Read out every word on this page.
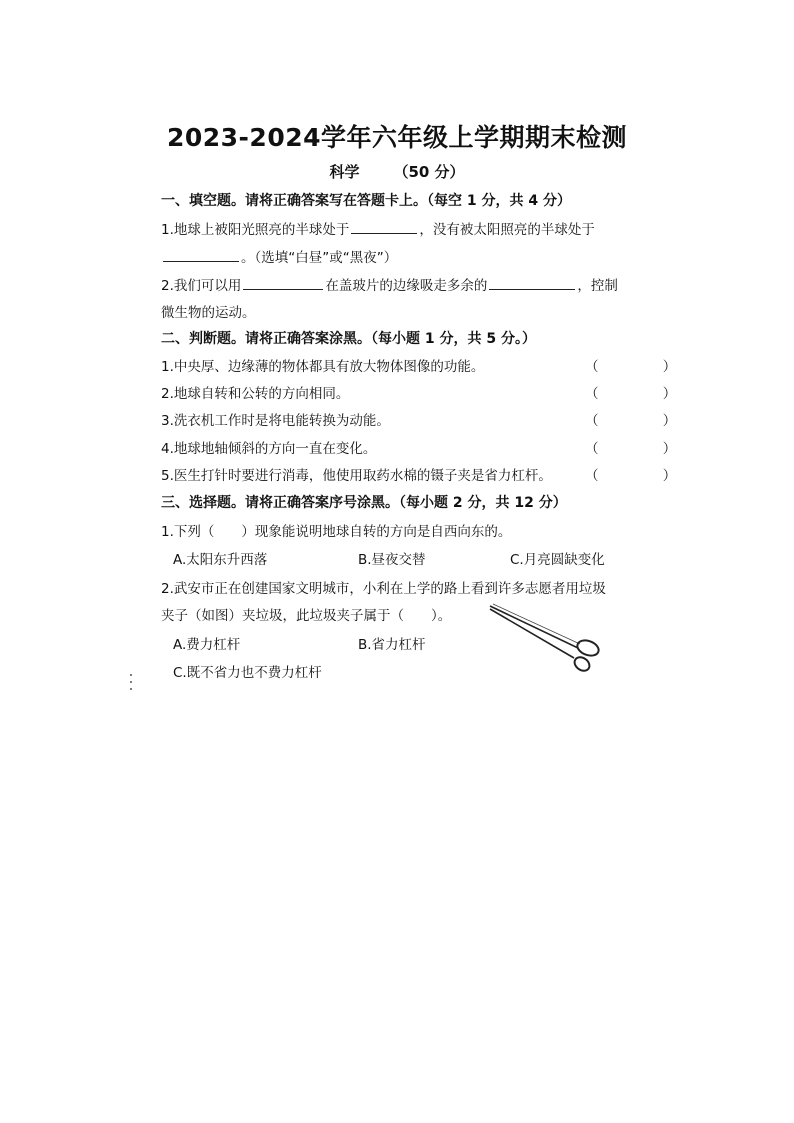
2023-2024学年六年级上学期期末检测
科学 （50 分）
一、填空题。请将正确答案写在答题卡上。（每空 1 分，共 4 分）
1.地球上被阳光照亮的半球处于	，没有被太阳照亮的半球处于
。（选填“白昼”或“黑夜”）
2.我们可以用	在盖玻片的边缘吸走多余的	，控制
微生物的运动。
二、判断题。请将正确答案涂黑。（每小题 1 分，共 5 分。）
1.中央厚、边缘薄的物体都具有放大物体图像的功能。	（ ）
2.地球自转和公转的方向相同。	（ ）
3.洗衣机工作时是将电能转换为动能。	（ ）
4.地球地轴倾斜的方向一直在变化。	（ ）
5.医生打针时要进行消毒，他使用取药水棉的镊子夹是省力杠杆。 （ ）
三、选择题。请将正确答案序号涂黑。（每小题 2 分，共 12 分）
1.下列（　　）现象能说明地球自转的方向是自西向东的。
A.太阳东升西落	B.昼夜交替	C.月亮圆缺变化
2.武安市正在创建国家文明城市，小利在上学的路上看到许多志愿者用垃圾
夹子（如图）夹垃圾，此垃圾夹子属于（　　）。
A.费力杠杆	B.省力杠杆
C.既不省力也不费力杠杆
